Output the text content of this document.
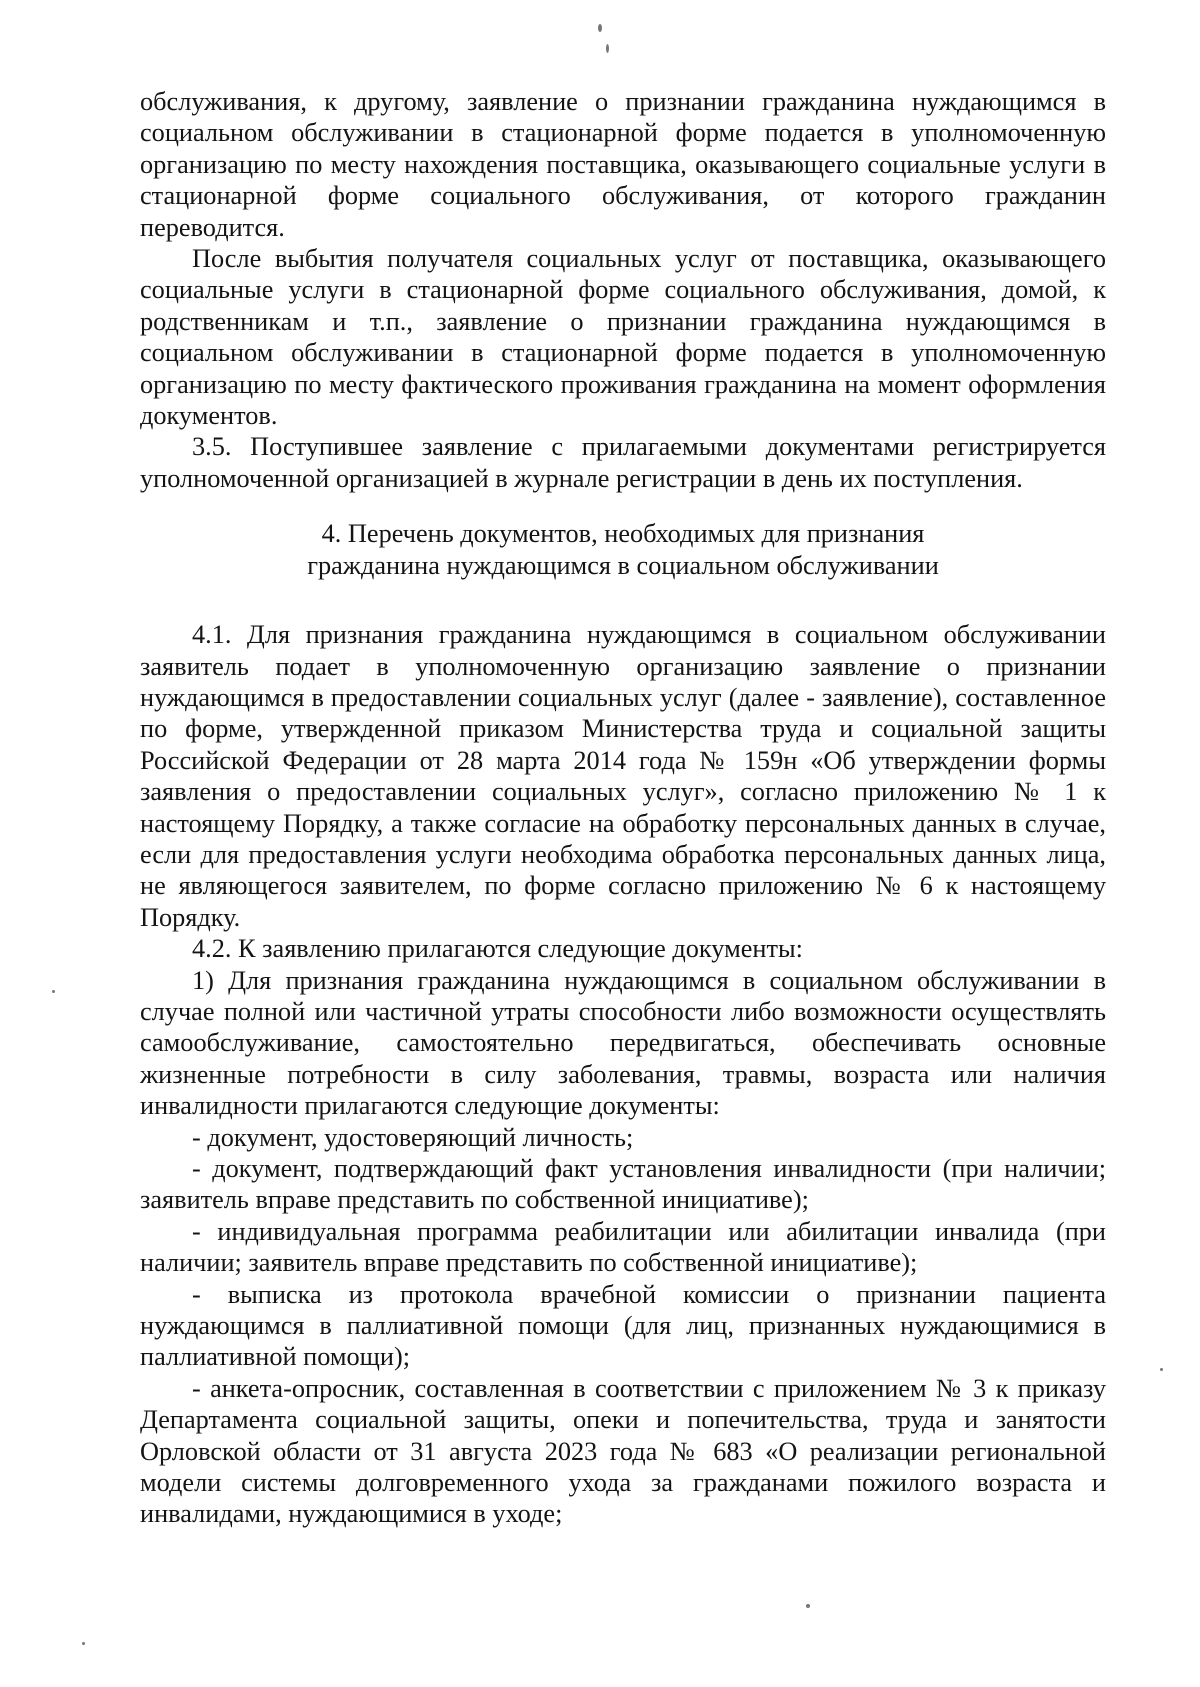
обслуживания, к другому, заявление о признании гражданина нуждающимся в социальном обслуживании в стационарной форме подается в уполномоченную организацию по месту нахождения поставщика, оказывающего социальные услуги в стационарной форме социального обслуживания, от которого гражданин переводится.

После выбытия получателя социальных услуг от поставщика, оказывающего социальные услуги в стационарной форме социального обслуживания, домой, к родственникам и т.п., заявление о признании гражданина нуждающимся в социальном обслуживании в стационарной форме подается в уполномоченную организацию по месту фактического проживания гражданина на момент оформления документов.

3.5. Поступившее заявление с прилагаемыми документами регистрируется уполномоченной организацией в журнале регистрации в день их поступления.

4. Перечень документов, необходимых для признания
гражданина нуждающимся в социальном обслуживании

4.1. Для признания гражданина нуждающимся в социальном обслуживании заявитель подает в уполномоченную организацию заявление о признании нуждающимся в предоставлении социальных услуг (далее - заявление), составленное по форме, утвержденной приказом Министерства труда и социальной защиты Российской Федерации от 28 марта 2014 года № 159н «Об утверждении формы заявления о предоставлении социальных услуг», согласно приложению № 1 к настоящему Порядку, а также согласие на обработку персональных данных в случае, если для предоставления услуги необходима обработка персональных данных лица, не являющегося заявителем, по форме согласно приложению № 6 к настоящему Порядку.

4.2. К заявлению прилагаются следующие документы:

1) Для признания гражданина нуждающимся в социальном обслуживании в случае полной или частичной утраты способности либо возможности осуществлять самообслуживание, самостоятельно передвигаться, обеспечивать основные жизненные потребности в силу заболевания, травмы, возраста или наличия инвалидности прилагаются следующие документы:

- документ, удостоверяющий личность;

- документ, подтверждающий факт установления инвалидности (при наличии; заявитель вправе представить по собственной инициативе);

- индивидуальная программа реабилитации или абилитации инвалида (при наличии; заявитель вправе представить по собственной инициативе);

- выписка из протокола врачебной комиссии о признании пациента нуждающимся в паллиативной помощи (для лиц, признанных нуждающимися в паллиативной помощи);

- анкета-опросник, составленная в соответствии с приложением № 3 к приказу Департамента социальной защиты, опеки и попечительства, труда и занятости Орловской области от 31 августа 2023 года № 683 «О реализации региональной модели системы долговременного ухода за гражданами пожилого возраста и инвалидами, нуждающимися в уходе;
